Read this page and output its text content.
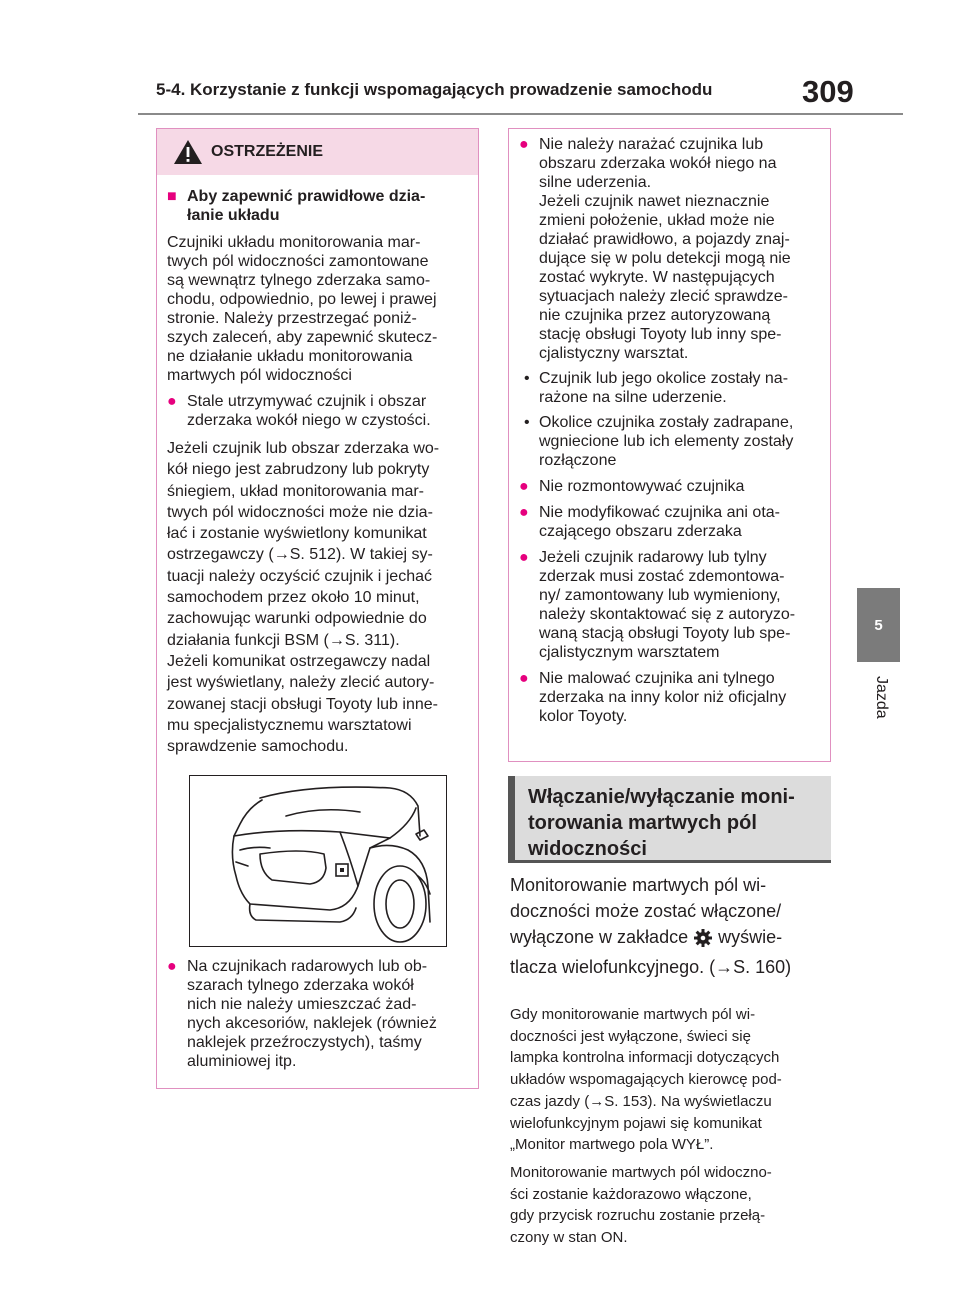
5-4. Korzystanie z funkcji wspomagających prowadzenie samochodu	309
5
Jazda
OSTRZEŻENIE
■ Aby zapewnić prawidłowe dzia-
łanie układu

Czujniki układu monitorowania mar-
twych pól widoczności zamontowane
są wewnątrz tylnego zderzaka samo-
chodu, odpowiednio, po lewej i prawej
stronie. Należy przestrzegać poniż-
szych zaleceń, aby zapewnić skutecz-
ne działanie układu monitorowania
martwych pól widoczności

● Stale utrzymywać czujnik i obszar
zderzaka wokół niego w czystości.

Jeżeli czujnik lub obszar zderzaka wo-
kół niego jest zabrudzony lub pokryty
śniegiem, układ monitorowania mar-
twych pól widoczności może nie dzia-
łać i zostanie wyświetlony komunikat
ostrzegawczy (→S. 512). W takiej sy-
tuacji należy oczyścić czujnik i jechać
samochodem przez około 10 minut,
zachowując warunki odpowiednie do
działania funkcji BSM (→S. 311).
Jeżeli komunikat ostrzegawczy nadal
jest wyświetlany, należy zlecić autory-
zowanej stacji obsługi Toyoty lub inne-
mu specjalistycznemu warsztatowi
sprawdzenie samochodu.

● Na czujnikach radarowych lub ob-
szarach tylnego zderzaka wokół
nich nie należy umieszczać żad-
nych akcesoriów, naklejek (również
naklejek przeźroczystych), taśmy
aluminiowej itp.
● Nie należy narażać czujnika lub
obszaru zderzaka wokół niego na
silne uderzenia.
Jeżeli czujnik nawet nieznacznie
zmieni położenie, układ może nie
działać prawidłowo, a pojazdy znaj-
dujące się w polu detekcji mogą nie
zostać wykryte. W następujących
sytuacjach należy zlecić sprawdze-
nie czujnika przez autoryzowaną
stację obsługi Toyoty lub inny spe-
cjalistyczny warsztat.
• Czujnik lub jego okolice zostały na-
rażone na silne uderzenie.
• Okolice czujnika zostały zadrapane,
wgniecione lub ich elementy zostały
rozłączone
● Nie rozmontowywać czujnika
● Nie modyfikować czujnika ani ota-
czającego obszaru zderzaka
● Jeżeli czujnik radarowy lub tylny
zderzak musi zostać zdemontowa-
ny/ zamontowany lub wymieniony,
należy skontaktować się z autoryzo-
waną stacją obsługi Toyoty lub spe-
cjalistycznym warsztatem
● Nie malować czujnika ani tylnego
zderzaka na inny kolor niż oficjalny
kolor Toyoty.
Włączanie/wyłączanie moni-
torowania martwych pól
widoczności
Monitorowanie martwych pól wi-
doczności może zostać włączone/
wyłączone w zakładce wyświe-
tlacza wielofunkcyjnego. (→S. 160)
Gdy monitorowanie martwych pól wi-
doczności jest wyłączone, świeci się
lampka kontrolna informacji dotyczących
układów wspomagających kierowcę pod-
czas jazdy (→S. 153). Na wyświetlaczu
wielofunkcyjnym pojawi się komunikat
„Monitor martwego pola WYŁ”.
Monitorowanie martwych pól widoczno-
ści zostanie każdorazowo włączone,
gdy przycisk rozruchu zostanie przełą-
czony w stan ON.
